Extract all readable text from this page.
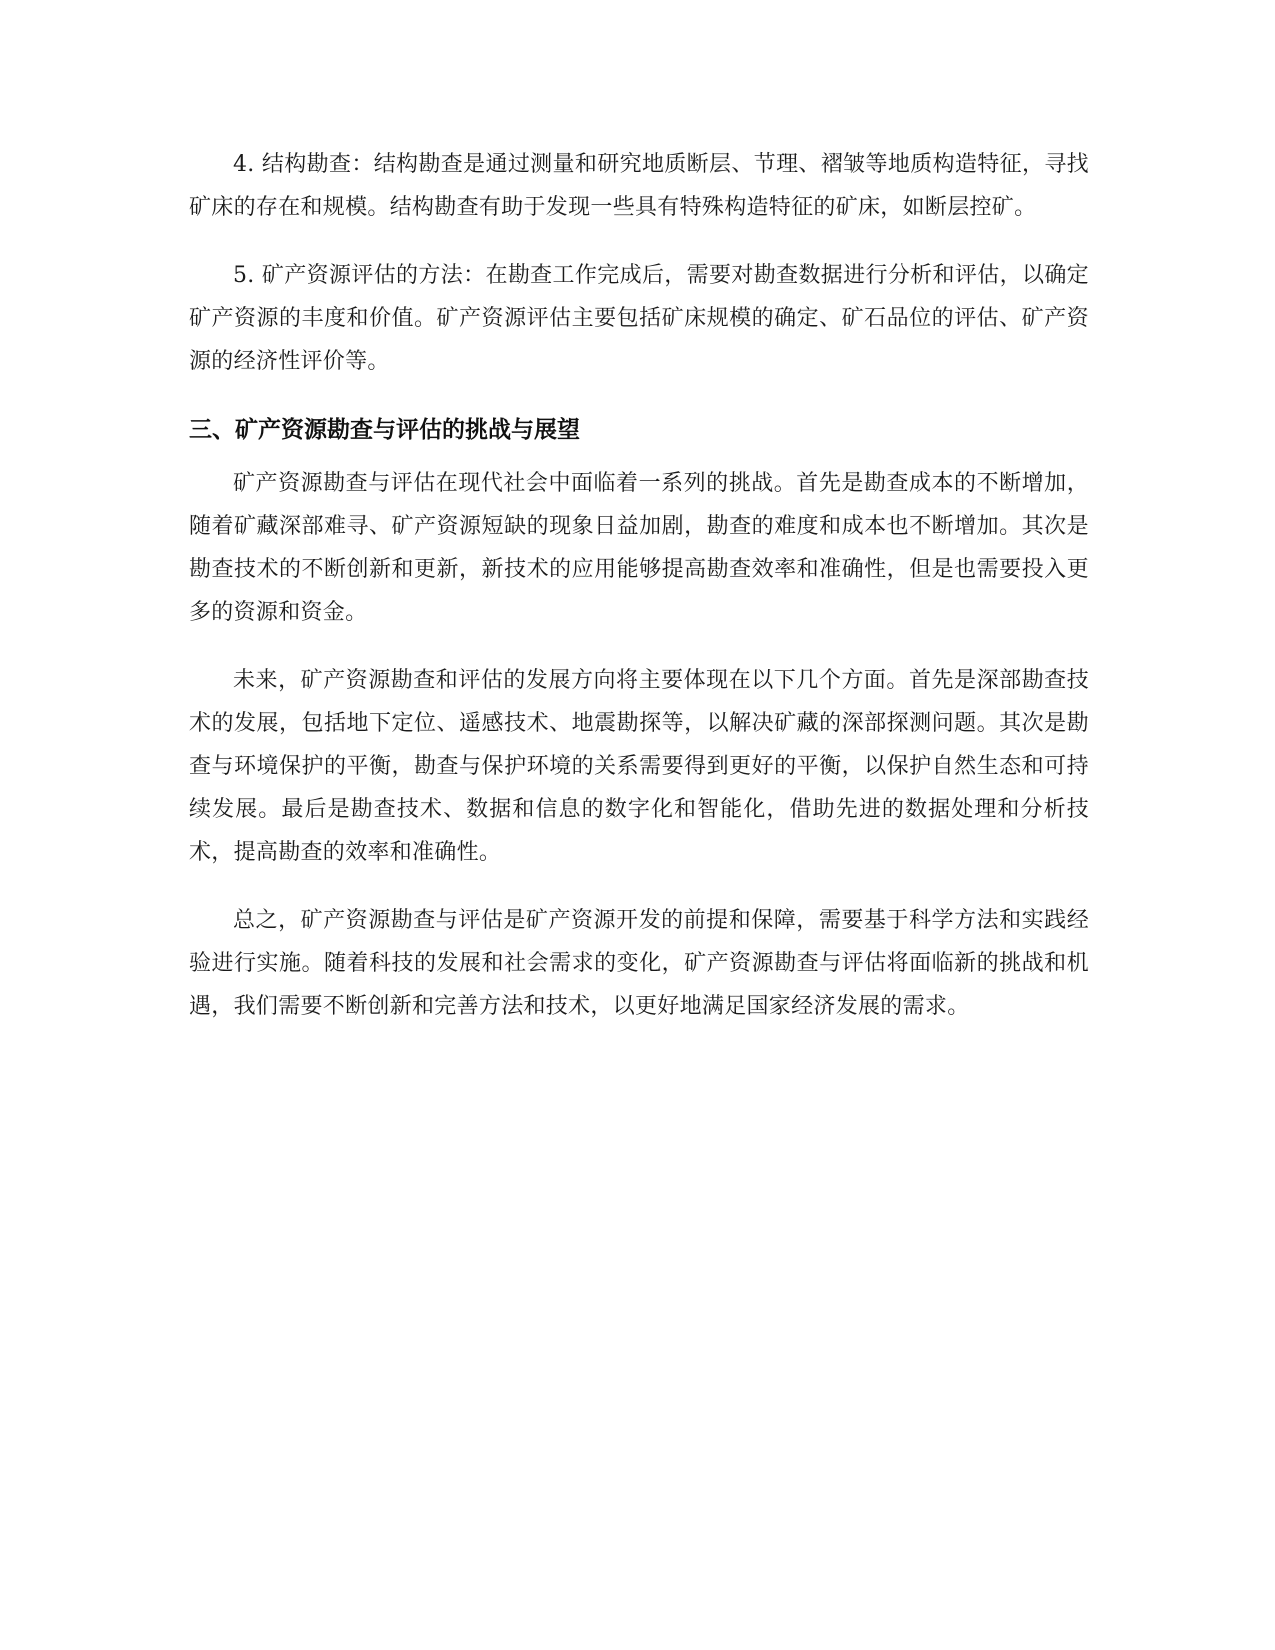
4. 结构勘查：结构勘查是通过测量和研究地质断层、节理、褶皱等地质构造特征，寻找矿床的存在和规模。结构勘查有助于发现一些具有特殊构造特征的矿床，如断层控矿。

5. 矿产资源评估的方法：在勘查工作完成后，需要对勘查数据进行分析和评估，以确定矿产资源的丰度和价值。矿产资源评估主要包括矿床规模的确定、矿石品位的评估、矿产资源的经济性评价等。

三、矿产资源勘查与评估的挑战与展望

矿产资源勘查与评估在现代社会中面临着一系列的挑战。首先是勘查成本的不断增加，随着矿藏深部难寻、矿产资源短缺的现象日益加剧，勘查的难度和成本也不断增加。其次是勘查技术的不断创新和更新，新技术的应用能够提高勘查效率和准确性，但是也需要投入更多的资源和资金。

未来，矿产资源勘查和评估的发展方向将主要体现在以下几个方面。首先是深部勘查技术的发展，包括地下定位、遥感技术、地震勘探等，以解决矿藏的深部探测问题。其次是勘查与环境保护的平衡，勘查与保护环境的关系需要得到更好的平衡，以保护自然生态和可持续发展。最后是勘查技术、数据和信息的数字化和智能化，借助先进的数据处理和分析技术，提高勘查的效率和准确性。

总之，矿产资源勘查与评估是矿产资源开发的前提和保障，需要基于科学方法和实践经验进行实施。随着科技的发展和社会需求的变化，矿产资源勘查与评估将面临新的挑战和机遇，我们需要不断创新和完善方法和技术，以更好地满足国家经济发展的需求。
